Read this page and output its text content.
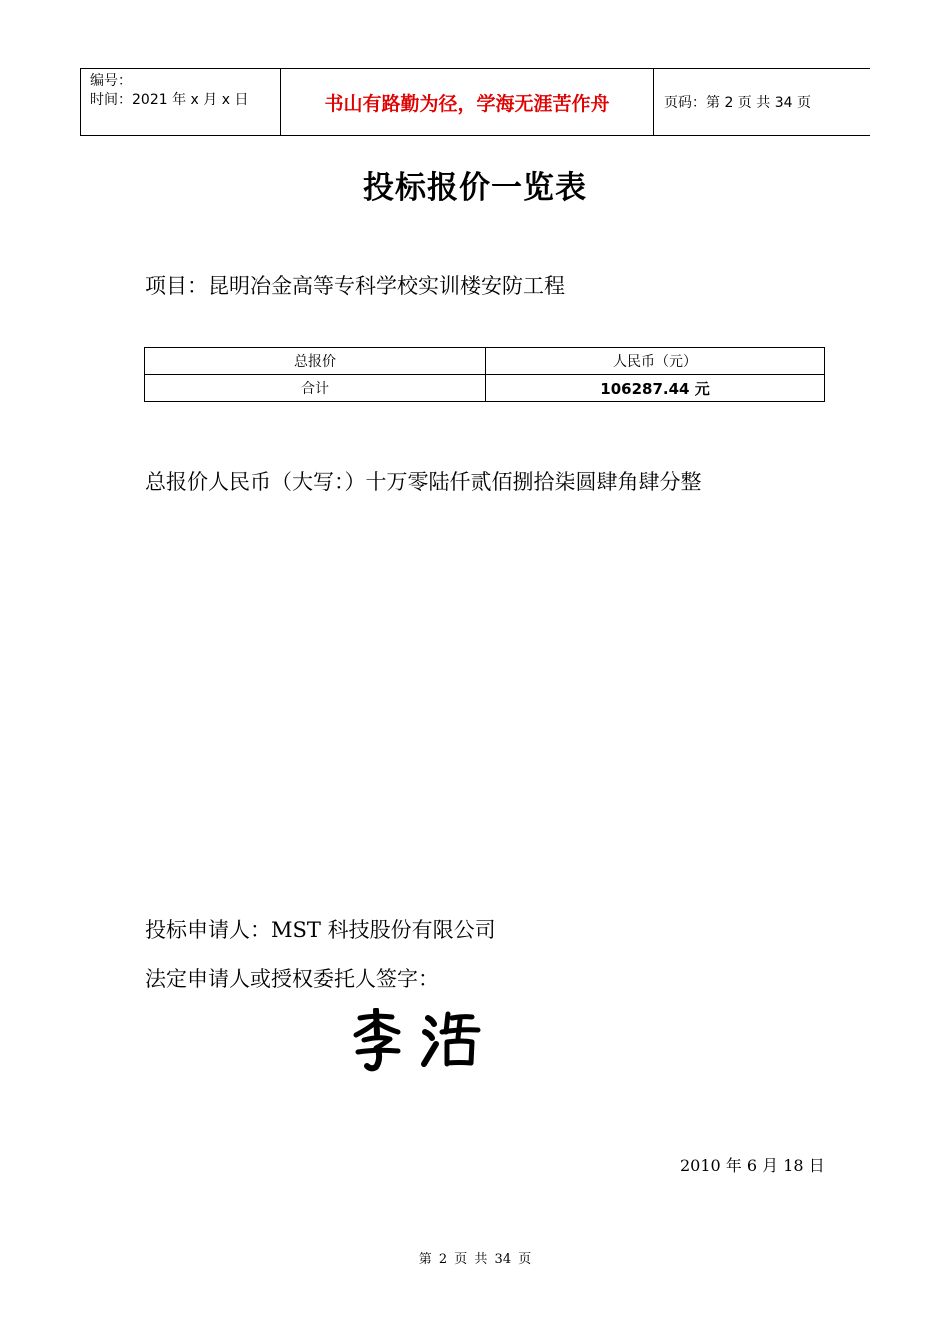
编号：
时间：2021 年 x 月 x 日	书山有路勤为径，学海无涯苦作舟	页码：第 2 页 共 34 页
投标报价一览表
项目：昆明冶金高等专科学校实训楼安防工程
总报价	人民币（元）
合计	106287.44 元
总报价人民币（大写：）十万零陆仟贰佰捌拾柒圆肆角肆分整
投标申请人：MST 科技股份有限公司
法定申请人或授权委托人签字：
2010 年 6 月 18 日
第 2 页 共 34 页
